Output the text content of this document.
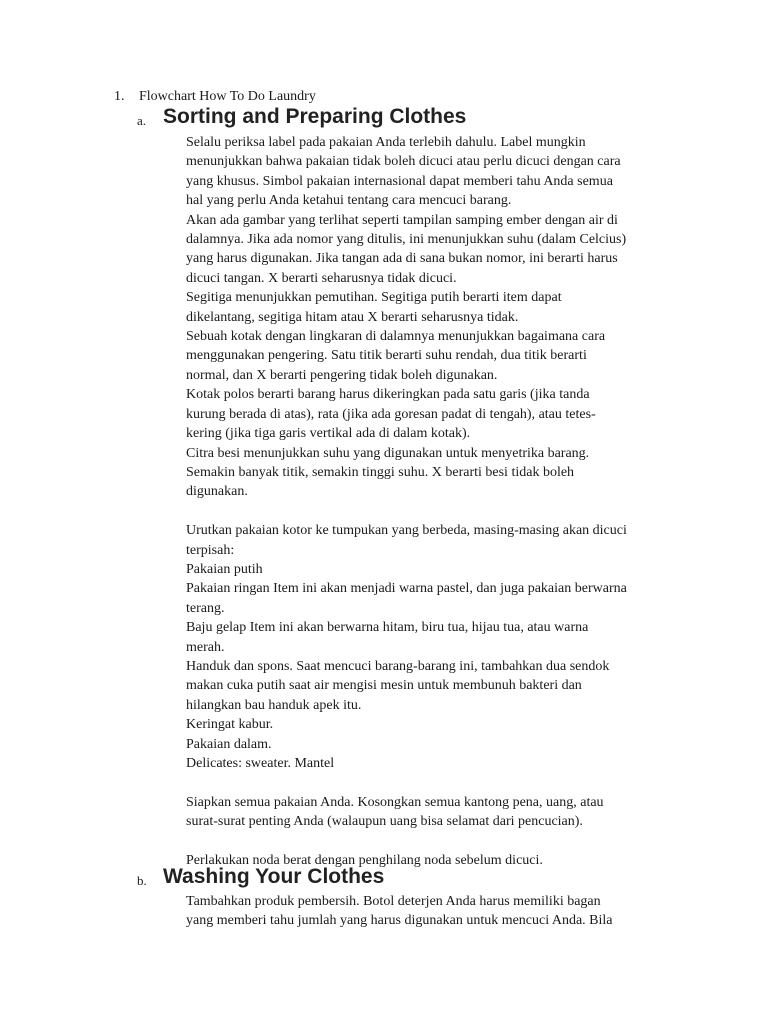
1. Flowchart How To Do Laundry
a. Sorting and Preparing Clothes

Selalu periksa label pada pakaian Anda terlebih dahulu. Label mungkin

menunjukkan bahwa pakaian tidak boleh dicuci atau perlu dicuci dengan cara

yang khusus. Simbol pakaian internasional dapat memberi tahu Anda semua

hal yang perlu Anda ketahui tentang cara mencuci barang.

Akan ada gambar yang terlihat seperti tampilan samping ember dengan air di

dalamnya. Jika ada nomor yang ditulis, ini menunjukkan suhu (dalam Celcius)

yang harus digunakan. Jika tangan ada di sana bukan nomor, ini berarti harus

dicuci tangan. X berarti seharusnya tidak dicuci.

Segitiga menunjukkan pemutihan. Segitiga putih berarti item dapat

dikelantang, segitiga hitam atau X berarti seharusnya tidak.

Sebuah kotak dengan lingkaran di dalamnya menunjukkan bagaimana cara

menggunakan pengering. Satu titik berarti suhu rendah, dua titik berarti

normal, dan X berarti pengering tidak boleh digunakan.

Kotak polos berarti barang harus dikeringkan pada satu garis (jika tanda

kurung berada di atas), rata (jika ada goresan padat di tengah), atau tetes-

kering (jika tiga garis vertikal ada di dalam kotak).

Citra besi menunjukkan suhu yang digunakan untuk menyetrika barang.

Semakin banyak titik, semakin tinggi suhu. X berarti besi tidak boleh

digunakan.

Urutkan pakaian kotor ke tumpukan yang berbeda, masing-masing akan dicuci

terpisah:

Pakaian putih

Pakaian ringan Item ini akan menjadi warna pastel, dan juga pakaian berwarna

terang.

Baju gelap Item ini akan berwarna hitam, biru tua, hijau tua, atau warna

merah.

Handuk dan spons. Saat mencuci barang-barang ini, tambahkan dua sendok

makan cuka putih saat air mengisi mesin untuk membunuh bakteri dan

hilangkan bau handuk apek itu.

Keringat kabur.

Pakaian dalam.

Delicates: sweater. Mantel

Siapkan semua pakaian Anda. Kosongkan semua kantong pena, uang, atau

surat-surat penting Anda (walaupun uang bisa selamat dari pencucian).

Perlakukan noda berat dengan penghilang noda sebelum dicuci.

b. Washing Your Clothes

Tambahkan produk pembersih. Botol deterjen Anda harus memiliki bagan

yang memberi tahu jumlah yang harus digunakan untuk mencuci Anda. Bila
